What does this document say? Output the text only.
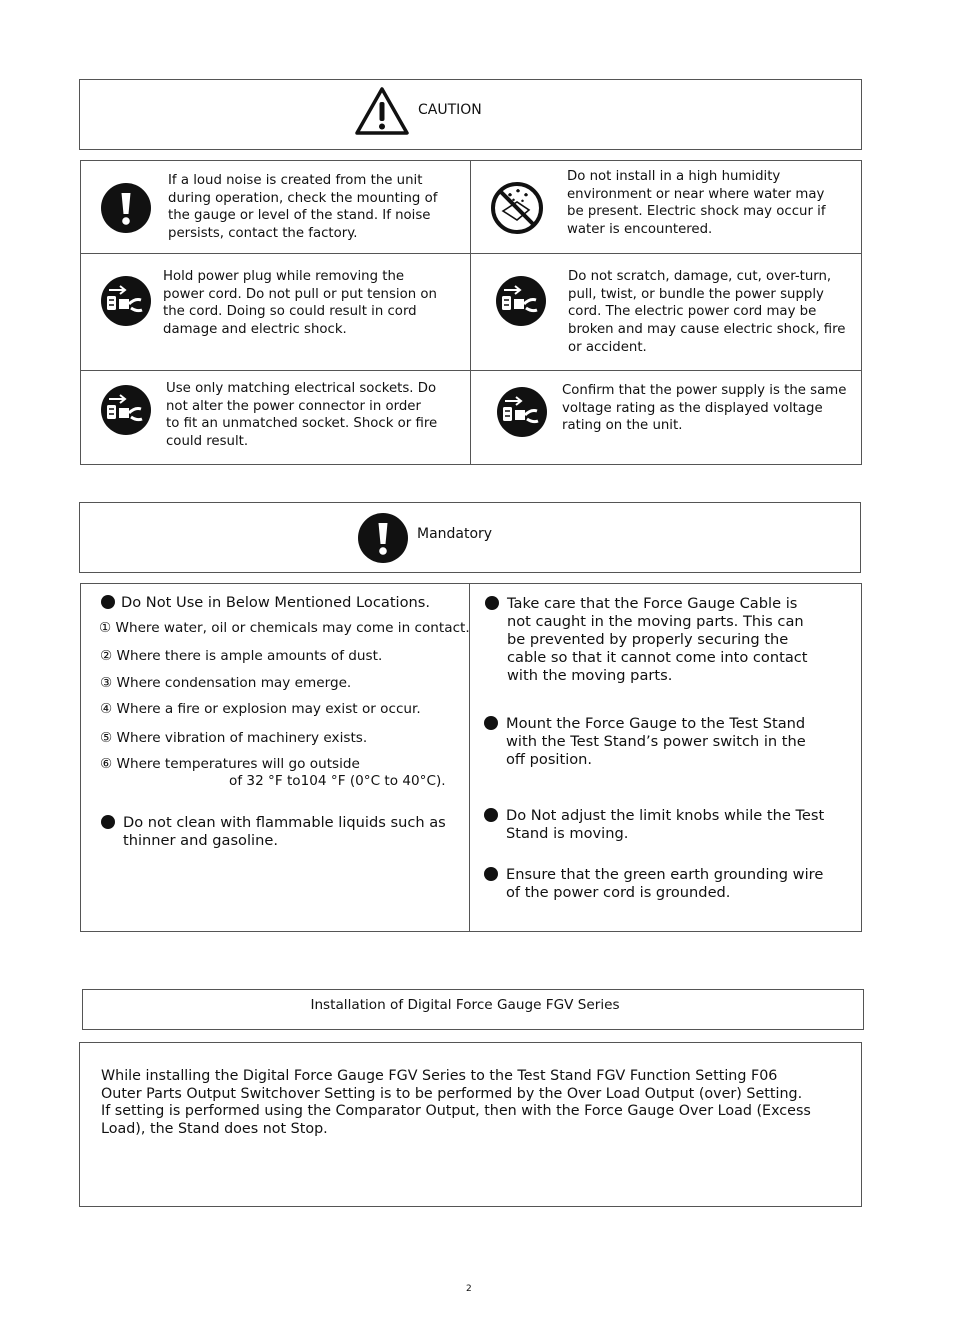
CAUTION
If a loud noise is created from the unit
during operation, check the mounting of
the gauge or level of the stand. If noise
persists, contact the factory.
Do not install in a high humidity
environment or near where water may
be present. Electric shock may occur if
water is encountered.
Hold power plug while removing the
power cord. Do not pull or put tension on
the cord. Doing so could result in cord
damage and electric shock.
Do not scratch, damage, cut, over-turn,
pull, twist, or bundle the power supply
cord. The electric power cord may be
broken and may cause electric shock, fire
or accident.
Use only matching electrical sockets. Do
not alter the power connector in order
to fit an unmatched socket. Shock or fire
could result.
Confirm that the power supply is the same
voltage rating as the displayed voltage
rating on the unit.
Mandatory
Do Not Use in Below Mentioned Locations.
① Where water, oil or chemicals may come in contact.
② Where there is ample amounts of dust.
③ Where condensation may emerge.
④ Where a fire or explosion may exist or occur.
⑤ Where vibration of machinery exists.
⑥ Where temperatures will go outside
of 32 °F to104 °F (0°C to 40°C).
Do not clean with flammable liquids such as
thinner and gasoline.
Take care that the Force Gauge Cable is
not caught in the moving parts. This can
be prevented by properly securing the
cable so that it cannot come into contact
with the moving parts.
Mount the Force Gauge to the Test Stand
with the Test Stand’s power switch in the
off position.
Do Not adjust the limit knobs while the Test
Stand is moving.
Ensure that the green earth grounding wire
of the power cord is grounded.
Installation of Digital Force Gauge FGV Series
While installing the Digital Force Gauge FGV Series to the Test Stand FGV Function Setting F06
Outer Parts Output Switchover Setting is to be performed by the Over Load Output (over) Setting.
If setting is performed using the Comparator Output, then with the Force Gauge Over Load (Excess
Load), the Stand does not Stop.
2
